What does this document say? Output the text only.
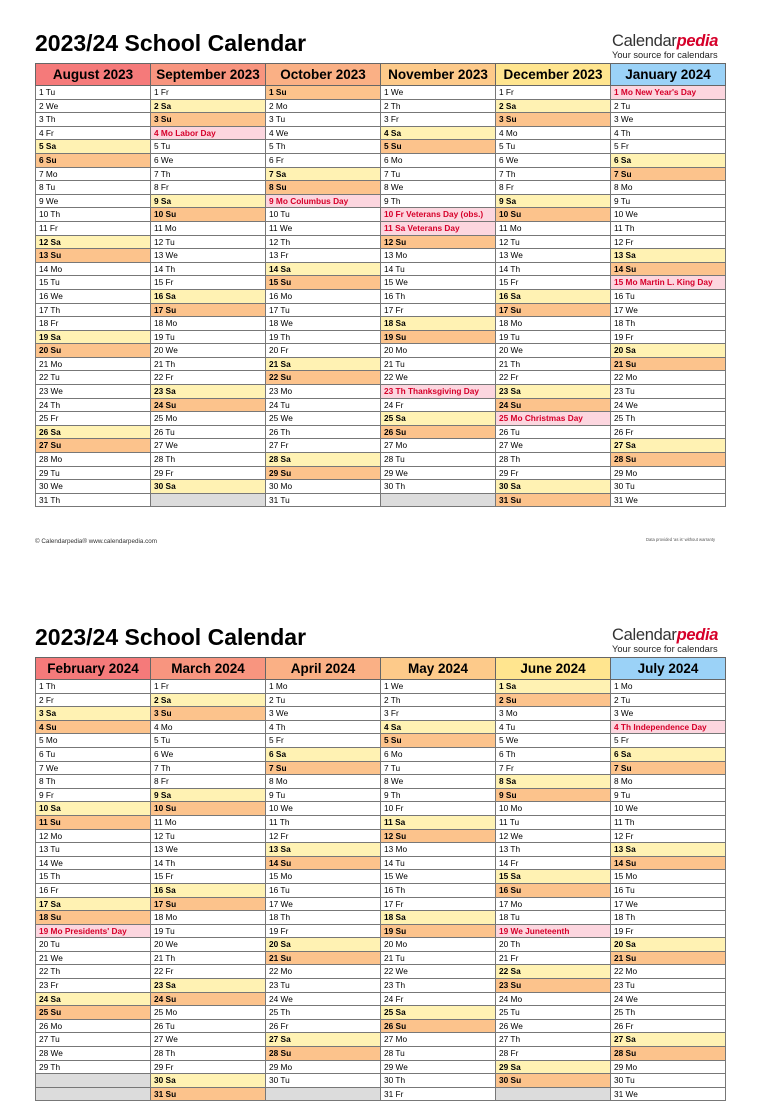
2023/24 School Calendar	Calendarpedia
Your source for calendars
August 2023	September 2023	October 2023	November 2023	December 2023	January 2024
1 Tu	1 Fr	1 Su	1 We	1 Fr	1 Mo New Year's Day
2 We	2 Sa	2 Mo	2 Th	2 Sa	2 Tu
3 Th	3 Su	3 Tu	3 Fr	3 Su	3 We
4 Fr	4 Mo Labor Day	4 We	4 Sa	4 Mo	4 Th
5 Sa	5 Tu	5 Th	5 Su	5 Tu	5 Fr
6 Su	6 We	6 Fr	6 Mo	6 We	6 Sa
7 Mo	7 Th	7 Sa	7 Tu	7 Th	7 Su
8 Tu	8 Fr	8 Su	8 We	8 Fr	8 Mo
9 We	9 Sa	9 Mo Columbus Day	9 Th	9 Sa	9 Tu
10 Th	10 Su	10 Tu	10 Fr Veterans Day (obs.)	10 Su	10 We
11 Fr	11 Mo	11 We	11 Sa Veterans Day	11 Mo	11 Th
12 Sa	12 Tu	12 Th	12 Su	12 Tu	12 Fr
13 Su	13 We	13 Fr	13 Mo	13 We	13 Sa
14 Mo	14 Th	14 Sa	14 Tu	14 Th	14 Su
15 Tu	15 Fr	15 Su	15 We	15 Fr	15 Mo Martin L. King Day
16 We	16 Sa	16 Mo	16 Th	16 Sa	16 Tu
17 Th	17 Su	17 Tu	17 Fr	17 Su	17 We
18 Fr	18 Mo	18 We	18 Sa	18 Mo	18 Th
19 Sa	19 Tu	19 Th	19 Su	19 Tu	19 Fr
20 Su	20 We	20 Fr	20 Mo	20 We	20 Sa
21 Mo	21 Th	21 Sa	21 Tu	21 Th	21 Su
22 Tu	22 Fr	22 Su	22 We	22 Fr	22 Mo
23 We	23 Sa	23 Mo	23 Th Thanksgiving Day	23 Sa	23 Tu
24 Th	24 Su	24 Tu	24 Fr	24 Su	24 We
25 Fr	25 Mo	25 We	25 Sa	25 Mo Christmas Day	25 Th
26 Sa	26 Tu	26 Th	26 Su	26 Tu	26 Fr
27 Su	27 We	27 Fr	27 Mo	27 We	27 Sa
28 Mo	28 Th	28 Sa	28 Tu	28 Th	28 Su
29 Tu	29 Fr	29 Su	29 We	29 Fr	29 Mo
30 We	30 Sa	30 Mo	30 Th	30 Sa	30 Tu
31 Th		31 Tu		31 Su	31 We
© Calendarpedia® www.calendarpedia.com	Data provided 'as is' without warranty
2023/24 School Calendar	Calendarpedia
Your source for calendars
February 2024	March 2024	April 2024	May 2024	June 2024	July 2024
1 Th	1 Fr	1 Mo	1 We	1 Sa	1 Mo
2 Fr	2 Sa	2 Tu	2 Th	2 Su	2 Tu
3 Sa	3 Su	3 We	3 Fr	3 Mo	3 We
4 Su	4 Mo	4 Th	4 Sa	4 Tu	4 Th Independence Day
5 Mo	5 Tu	5 Fr	5 Su	5 We	5 Fr
6 Tu	6 We	6 Sa	6 Mo	6 Th	6 Sa
7 We	7 Th	7 Su	7 Tu	7 Fr	7 Su
8 Th	8 Fr	8 Mo	8 We	8 Sa	8 Mo
9 Fr	9 Sa	9 Tu	9 Th	9 Su	9 Tu
10 Sa	10 Su	10 We	10 Fr	10 Mo	10 We
11 Su	11 Mo	11 Th	11 Sa	11 Tu	11 Th
12 Mo	12 Tu	12 Fr	12 Su	12 We	12 Fr
13 Tu	13 We	13 Sa	13 Mo	13 Th	13 Sa
14 We	14 Th	14 Su	14 Tu	14 Fr	14 Su
15 Th	15 Fr	15 Mo	15 We	15 Sa	15 Mo
16 Fr	16 Sa	16 Tu	16 Th	16 Su	16 Tu
17 Sa	17 Su	17 We	17 Fr	17 Mo	17 We
18 Su	18 Mo	18 Th	18 Sa	18 Tu	18 Th
19 Mo Presidents' Day	19 Tu	19 Fr	19 Su	19 We Juneteenth	19 Fr
20 Tu	20 We	20 Sa	20 Mo	20 Th	20 Sa
21 We	21 Th	21 Su	21 Tu	21 Fr	21 Su
22 Th	22 Fr	22 Mo	22 We	22 Sa	22 Mo
23 Fr	23 Sa	23 Tu	23 Th	23 Su	23 Tu
24 Sa	24 Su	24 We	24 Fr	24 Mo	24 We
25 Su	25 Mo	25 Th	25 Sa	25 Tu	25 Th
26 Mo	26 Tu	26 Fr	26 Su	26 We	26 Fr
27 Tu	27 We	27 Sa	27 Mo	27 Th	27 Sa
28 We	28 Th	28 Su	28 Tu	28 Fr	28 Su
29 Th	29 Fr	29 Mo	29 We	29 Sa	29 Mo
	30 Sa	30 Tu	30 Th	30 Su	30 Tu
	31 Su		31 Fr		31 We
